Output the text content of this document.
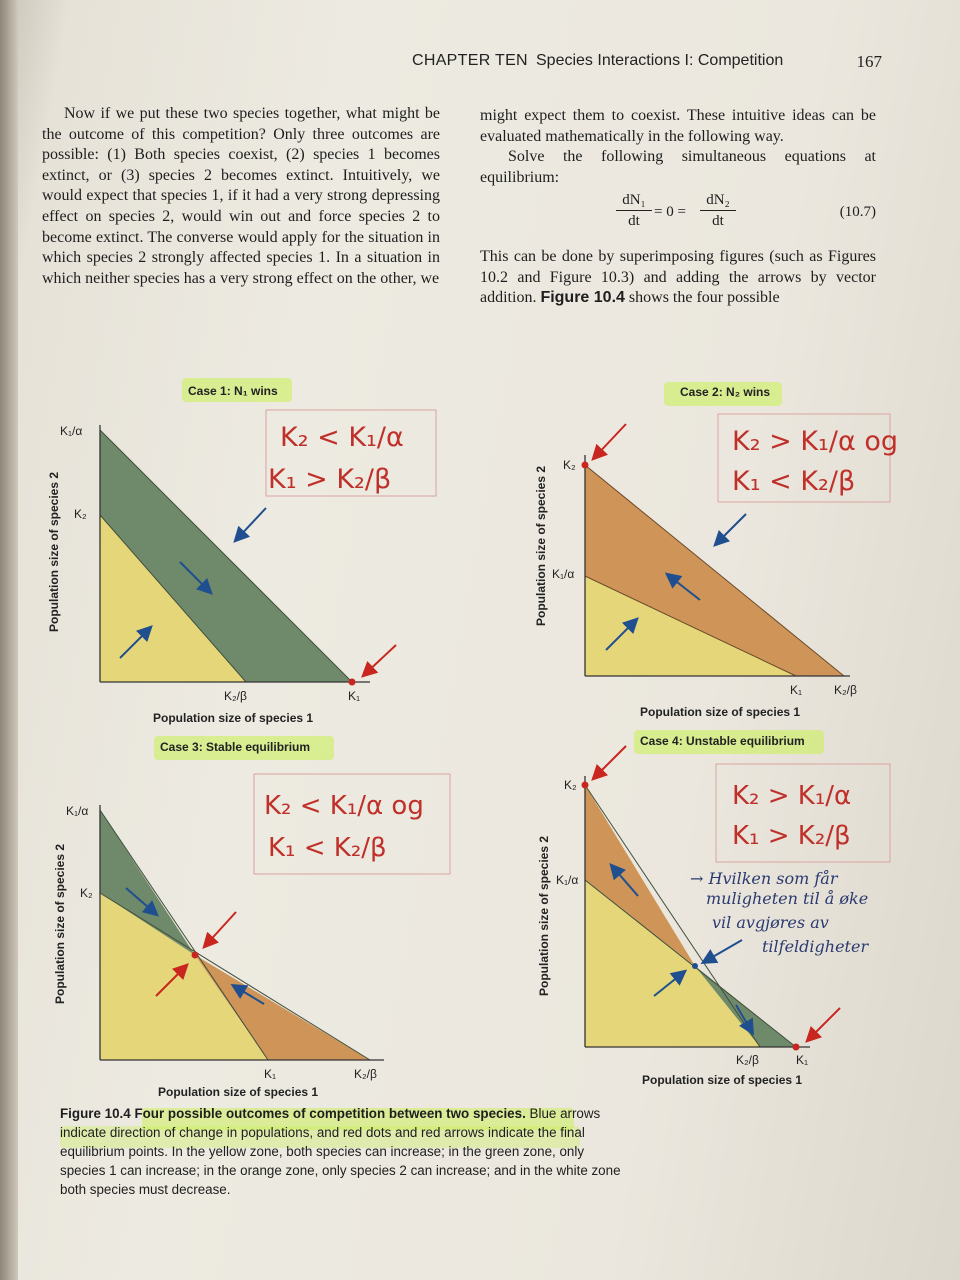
CHAPTER TEN Species Interactions I: Competition	167

Now if we put these two species together, what might be the outcome of this competition? Only three outcomes are possible: (1) Both species coexist, (2) species 1 becomes extinct, or (3) species 2 becomes extinct. Intuitively, we would expect that species 1, if it had a very strong depressing effect on species 2, would win out and force species 2 to become extinct. The converse would apply for the situation in which species 2 strongly affected species 1. In a situation in which neither species has a very strong effect on the other, we

might expect them to coexist. These intuitive ideas can be evaluated mathematically in the following way.

Solve the following simultaneous equations at equilibrium:

$\frac{\text{dN₁}}{dt} = 0 = \frac{\text{dN₂}}{dt}$	(10.7)

This can be done by superimposing figures (such as Figures 10.2 and Figure 10.3) and adding the arrows by vector addition. Figure 10.4 shows the four possible

Case 1: N₁ wins
K₁/α
K₂
K₂/β	K₁
Population size of species 1
Population size of species 2
K₂ < K₁/α
K₁ > K₂/β
Case 2: N₂ wins
K₂
K₁/α
K₁	K₂/β
Population size of species 1
Population size of species 2
K₂ > K₁/α og
K₁ < K₂/β
Case 3: Stable equilibrium
K₁/α
K₂
K₁	K₂/β
Population size of species 1
Population size of species 2
K₂ < K₁/α og
K₁ < K₂/β
Case 4: Unstable equilibrium
K₂
K₁/α
K₂/β	K₁
Population size of species 1
Population size of species 2
K₂ > K₁/α
K₁ > K₂/β
→ Hvilken som får
muligheten til å øke
vil avgjøres av
tilfeldigheter
Figure 10.4 Four possible outcomes of competition between two species. Blue arrows indicate direction of change in populations, and red dots and red arrows indicate the final equilibrium points. In the yellow zone, both species can increase; in the green zone, only species 1 can increase; in the orange zone, only species 2 can increase; and in the white zone both species must decrease.
